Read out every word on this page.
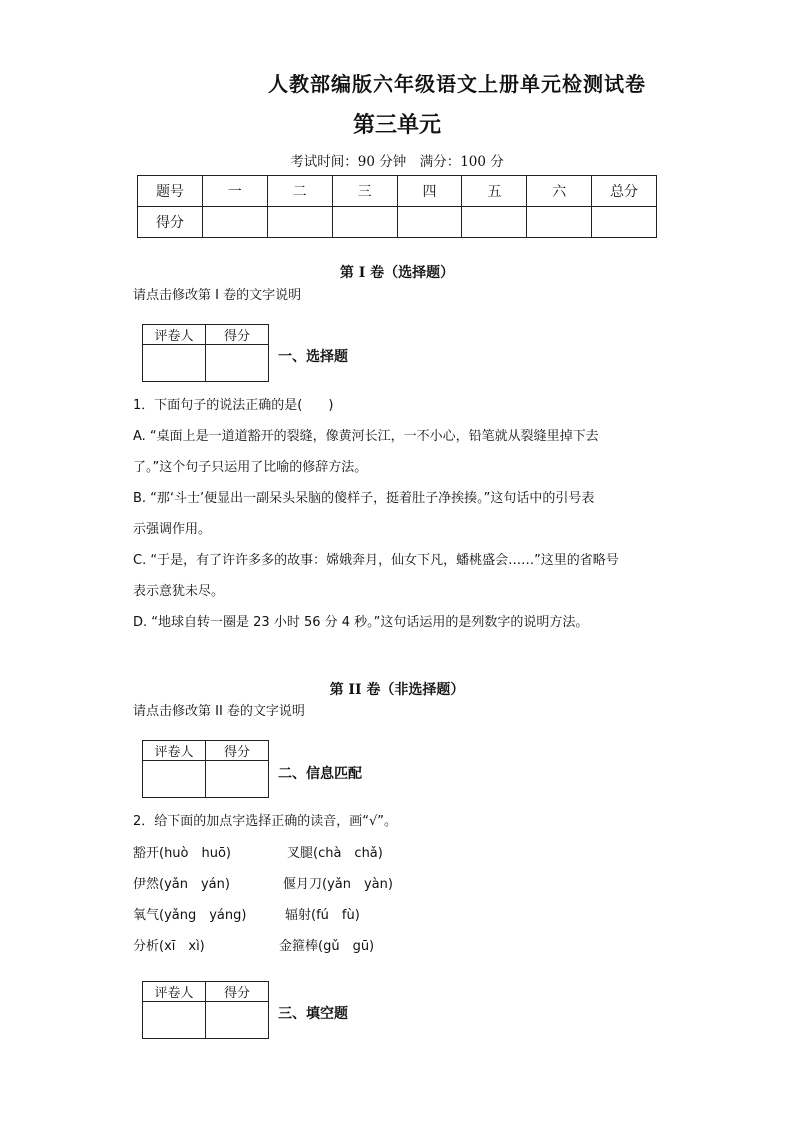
人教部编版六年级语文上册单元检测试卷
第三单元
考试时间：90 分钟　满分：100 分
题号	一	二	三	四	五	六	总分
得分							
第 I 卷（选择题）
请点击修改第 I 卷的文字说明
评卷人	得分

一、选择题
1．下面句子的说法正确的是(　　)
A. “桌面上是一道道豁开的裂缝，像黄河长江，一不小心，铅笔就从裂缝里掉下去
了。”这个句子只运用了比喻的修辞方法。
B. “那‘斗士’便显出一副呆头呆脑的傻样子，挺着肚子净挨揍。”这句话中的引号表
示强调作用。
C. “于是，有了许许多多的故事：嫦娥奔月，仙女下凡，蟠桃盛会……”这里的省略号
表示意犹未尽。
D. “地球自转一圈是 23 小时 56 分 4 秒。”这句话运用的是列数字的说明方法。
第 II 卷（非选择题）
请点击修改第 II 卷的文字说明
评卷人	得分

二、信息匹配
2．给下面的加点字选择正确的读音，画“√”。
豁开(huò　huō)	叉腿(chà　chǎ)
伊然(yǎn　yán)	偃月刀(yǎn　yàn)
氧气(yǎng　yáng)	辐射(fú　fù)
分析(xī　xì)	金箍棒(gǔ　gū)
评卷人	得分

三、填空题
